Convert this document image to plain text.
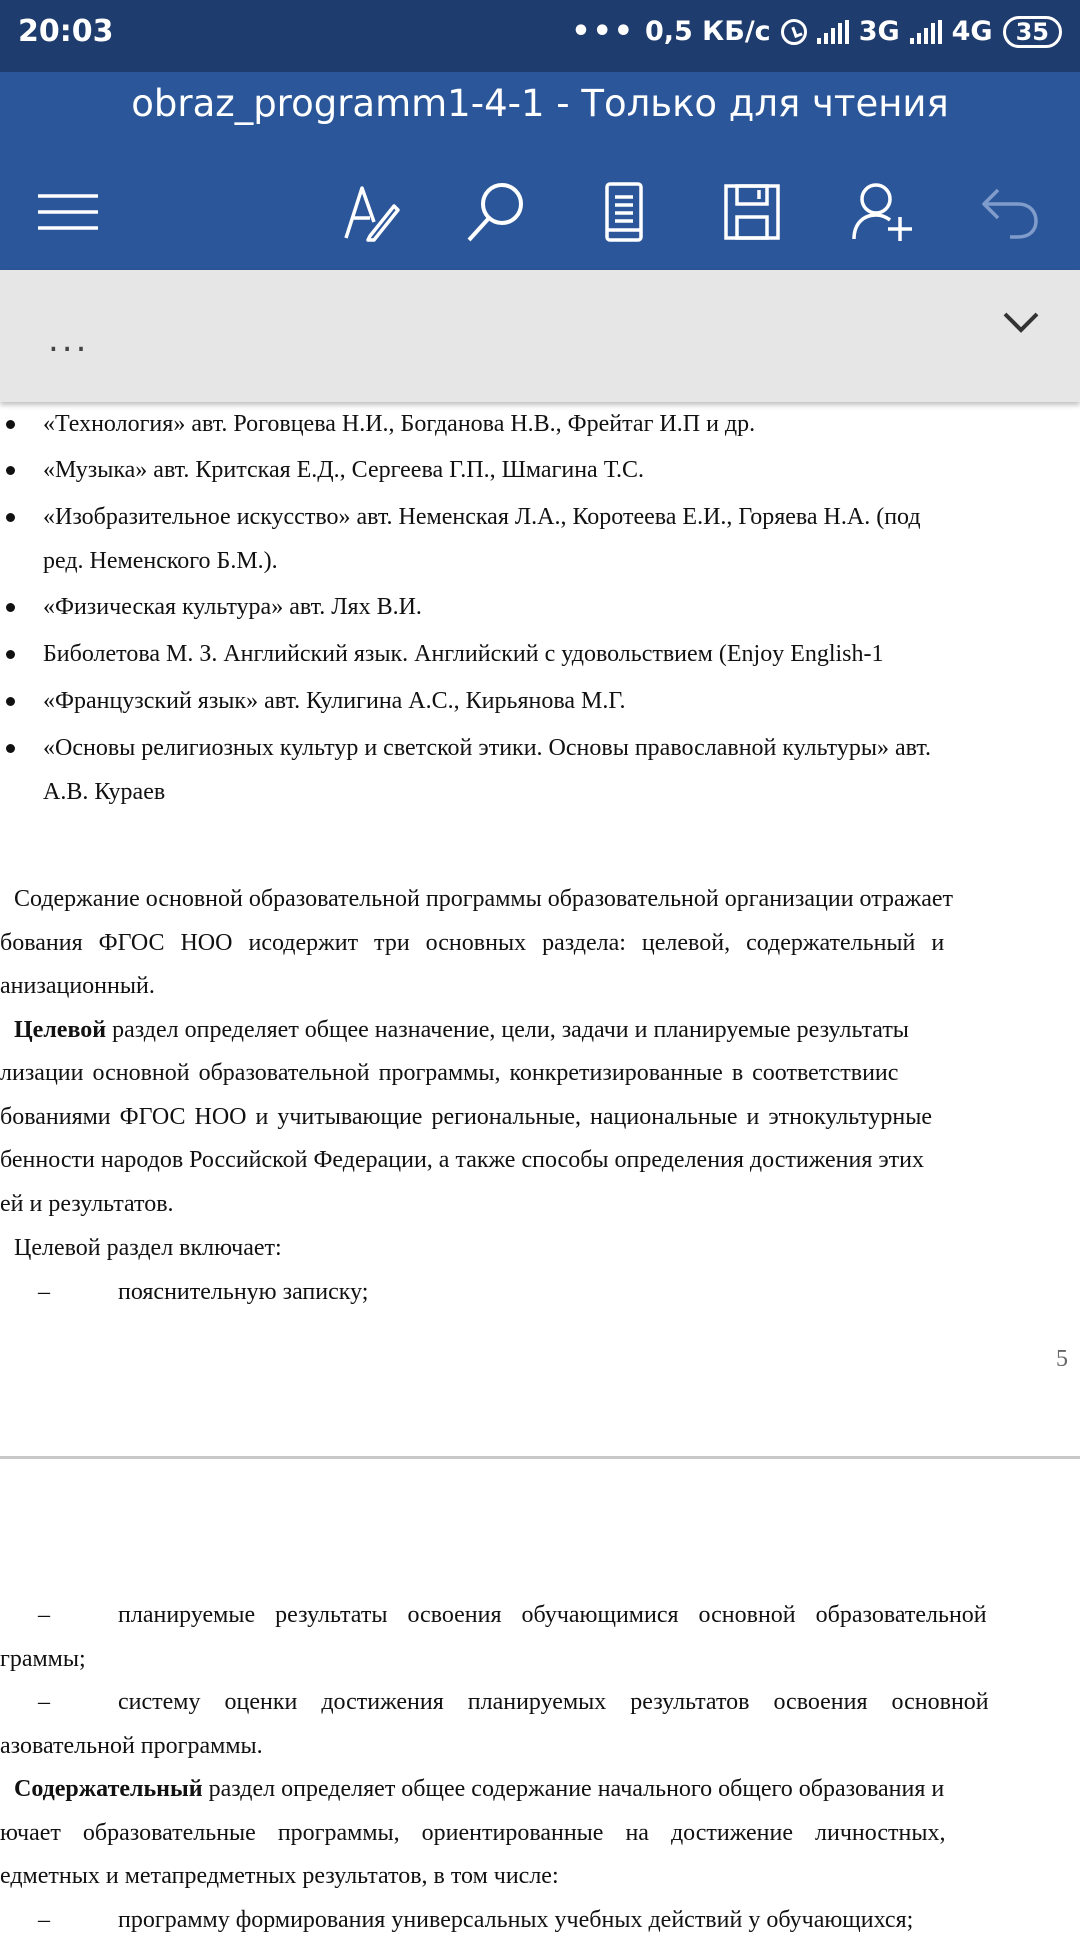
20:03	••• 0,5 КБ/с	3G 4G 35
obraz_programm1-4-1 - Только для чтения
...
«Технология» авт. Роговцева Н.И., Богданова Н.В., Фрейтаг И.П и др.
«Музыка» авт. Критская Е.Д., Сергеева Г.П., Шмагина Т.С.
«Изобразительное искусство» авт. Неменская Л.А., Коротеева Е.И., Горяева Н.А. (под
ред. Неменского Б.М.).
«Физическая культура» авт. Лях В.И.
Биболетова М. З. Английский язык. Английский с удовольствием (Enjoy English-1
«Французский язык» авт. Кулигина А.С., Кирьянова М.Г.
«Основы религиозных культур и светской этики. Основы православной культуры» авт.
А.В. Кураев
Содержание основной образовательной программы образовательной организации отражает
бования ФГОС НОО исодержит три основных раздела: целевой, содержательный и
анизационный.
Целевой раздел определяет общее назначение, цели, задачи и планируемые результаты
лизации основной образовательной программы, конкретизированные в соответствиис
бованиями ФГОС НОО и учитывающие региональные, национальные и этнокультурные
бенности народов Российской Федерации, а также способы определения достижения этих
ей и результатов.
Целевой раздел включает:
–	пояснительную записку;
5
–	планируемые результаты освоения обучающимися основной образовательной
граммы;
–	систему оценки достижения планируемых результатов освоения основной
азовательной программы.
Содержательный раздел определяет общее содержание начального общего образования и
ючает образовательные программы, ориентированные на достижение личностных,
едметных и метапредметных результатов, в том числе:
–	программу формирования универсальных учебных действий у обучающихся;
